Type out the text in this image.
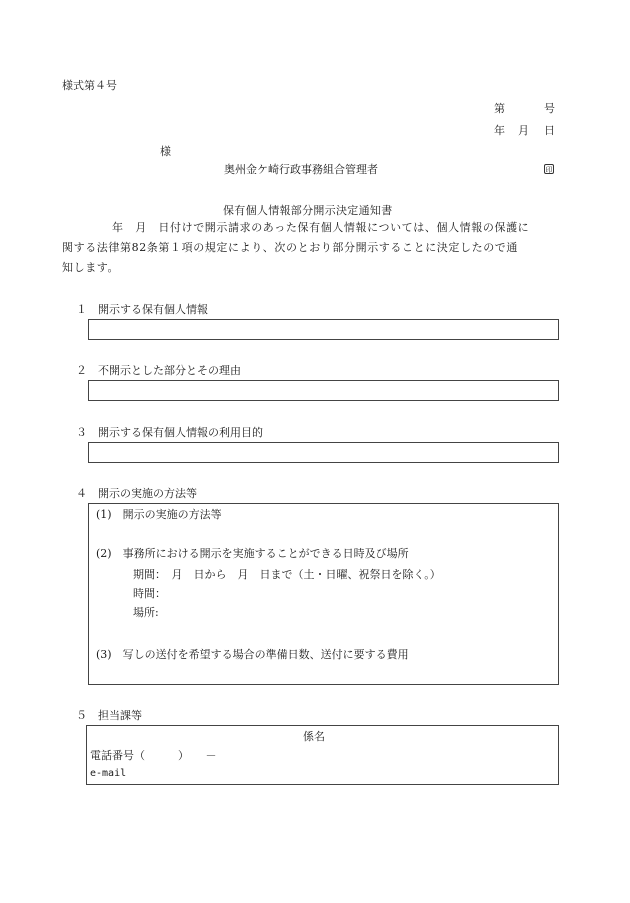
様式第４号
第	号
年 月 日
様
奥州金ケ崎行政事務組合管理者	印
保有個人情報部分開示決定通知書
年　月　日付けで開示請求のあった保有個人情報については、個人情報の保護に
関する法律第82条第１項の規定により、次のとおり部分開示することに決定したので通
知します。
１　開示する保有個人情報
２　不開示とした部分とその理由
３　開示する保有個人情報の利用目的
４　開示の実施の方法等
(1)　開示の実施の方法等
(2)　事務所における開示を実施することができる日時及び場所
期間：　月　日から　月　日まで（土・日曜、祝祭日を除く。）
時間：
場所:
(3)　写しの送付を希望する場合の準備日数、送付に要する費用
５　担当課等
係名
電話番号（　　　）　　－
e-mail
